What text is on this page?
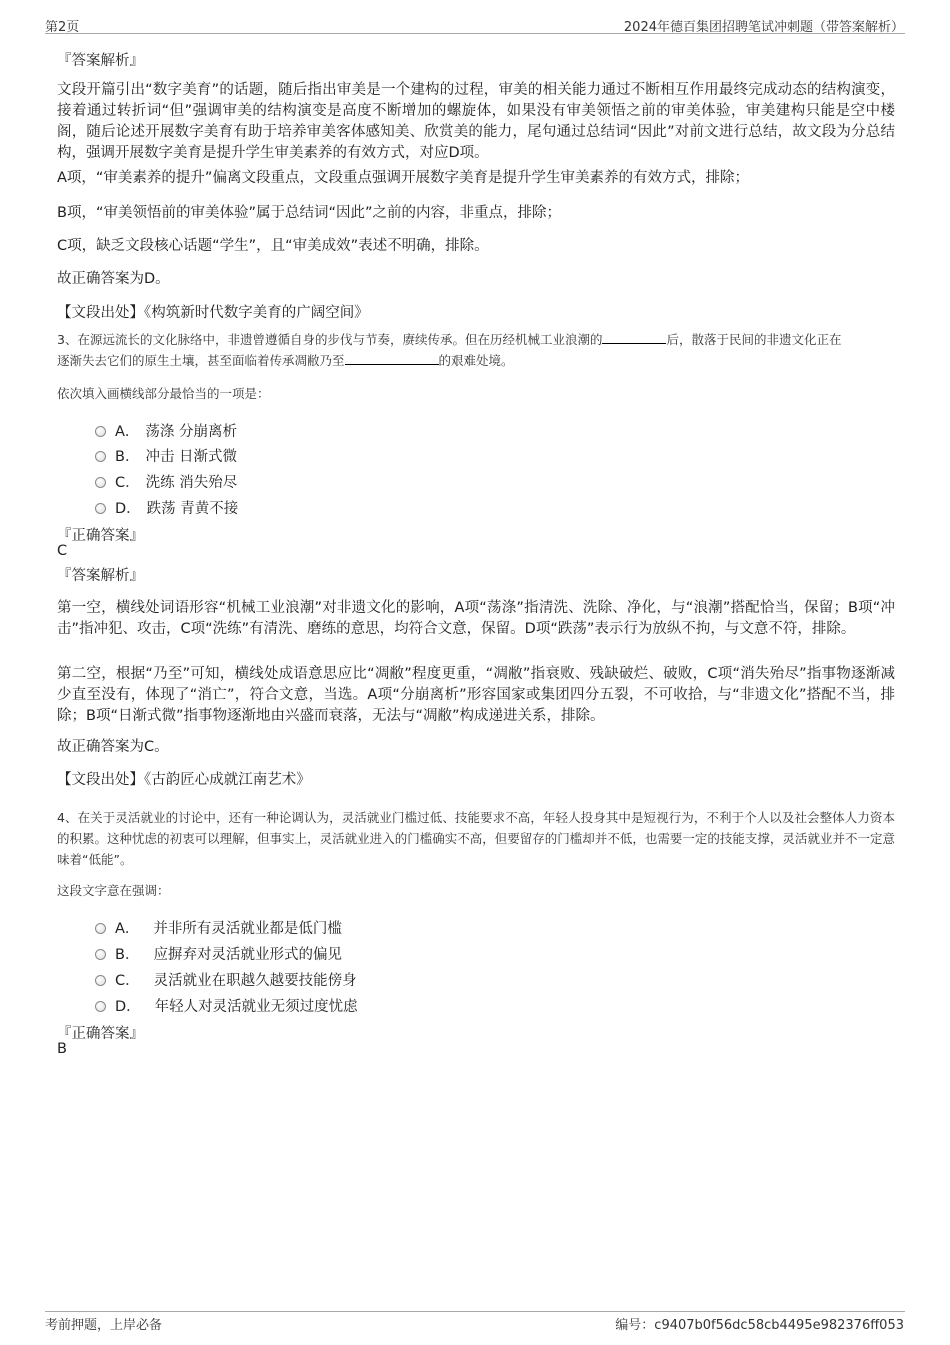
第2页	2024年德百集团招聘笔试冲刺题（带答案解析）
『答案解析』
文段开篇引出“数字美育”的话题，随后指出审美是一个建构的过程，审美的相关能力通过不断相互作用最终完成动态的结构演变，接着通过转折词“但”强调审美的结构演变是高度不断增加的螺旋体，如果没有审美领悟之前的审美体验，审美建构只能是空中楼阁，随后论述开展数字美育有助于培养审美客体感知美、欣赏美的能力，尾句通过总结词“因此”对前文进行总结，故文段为分总结构，强调开展数字美育是提升学生审美素养的有效方式，对应D项。
A项，“审美素养的提升”偏离文段重点，文段重点强调开展数字美育是提升学生审美素养的有效方式，排除；
B项，“审美领悟前的审美体验”属于总结词“因此”之前的内容，非重点，排除；
C项，缺乏文段核心话题“学生”，且“审美成效”表述不明确，排除。
故正确答案为D。
【文段出处】《构筑新时代数字美育的广阔空间》
3、在源远流长的文化脉络中，非遗曾遵循自身的步伐与节奏，赓续传承。但在历经机械工业浪潮的	后，散落于民间的非遗文化正在
逐渐失去它们的原生土壤，甚至面临着传承凋敝乃至	的艰难处境。
依次填入画横线部分最恰当的一项是：
A． 荡涤 分崩离析
B． 冲击 日渐式微
C． 洗练 消失殆尽
D． 跌荡 青黄不接
『正确答案』
C
『答案解析』
第一空，横线处词语形容“机械工业浪潮”对非遗文化的影响，A项“荡涤”指清洗、洗除、净化，与“浪潮”搭配恰当，保留；B项“冲击”指冲犯、攻击，C项“洗练”有清洗、磨练的意思，均符合文意，保留。D项“跌荡”表示行为放纵不拘，与文意不符，排除。
第二空，根据“乃至”可知，横线处成语意思应比“凋敝”程度更重，“凋敝”指衰败、残缺破烂、破败，C项“消失殆尽”指事物逐渐减少直至没有，体现了“消亡”，符合文意，当选。A项“分崩离析”形容国家或集团四分五裂，不可收拾，与“非遗文化”搭配不当，排除；B项“日渐式微”指事物逐渐地由兴盛而衰落，无法与“凋敝”构成递进关系，排除。
故正确答案为C。
【文段出处】《古韵匠心成就江南艺术》
4、在关于灵活就业的讨论中，还有一种论调认为，灵活就业门槛过低、技能要求不高，年轻人投身其中是短视行为，不利于个人以及社会整体人力资本的积累。这种忧虑的初衷可以理解，但事实上，灵活就业进入的门槛确实不高，但要留存的门槛却并不低，也需要一定的技能支撑，灵活就业并不一定意味着“低能”。
这段文字意在强调：
A． 并非所有灵活就业都是低门槛
B． 应摒弃对灵活就业形式的偏见
C． 灵活就业在职越久越要技能傍身
D． 年轻人对灵活就业无须过度忧虑
『正确答案』
B
考前押题，上岸必备	编号：c9407b0f56dc58cb4495e982376ff053
